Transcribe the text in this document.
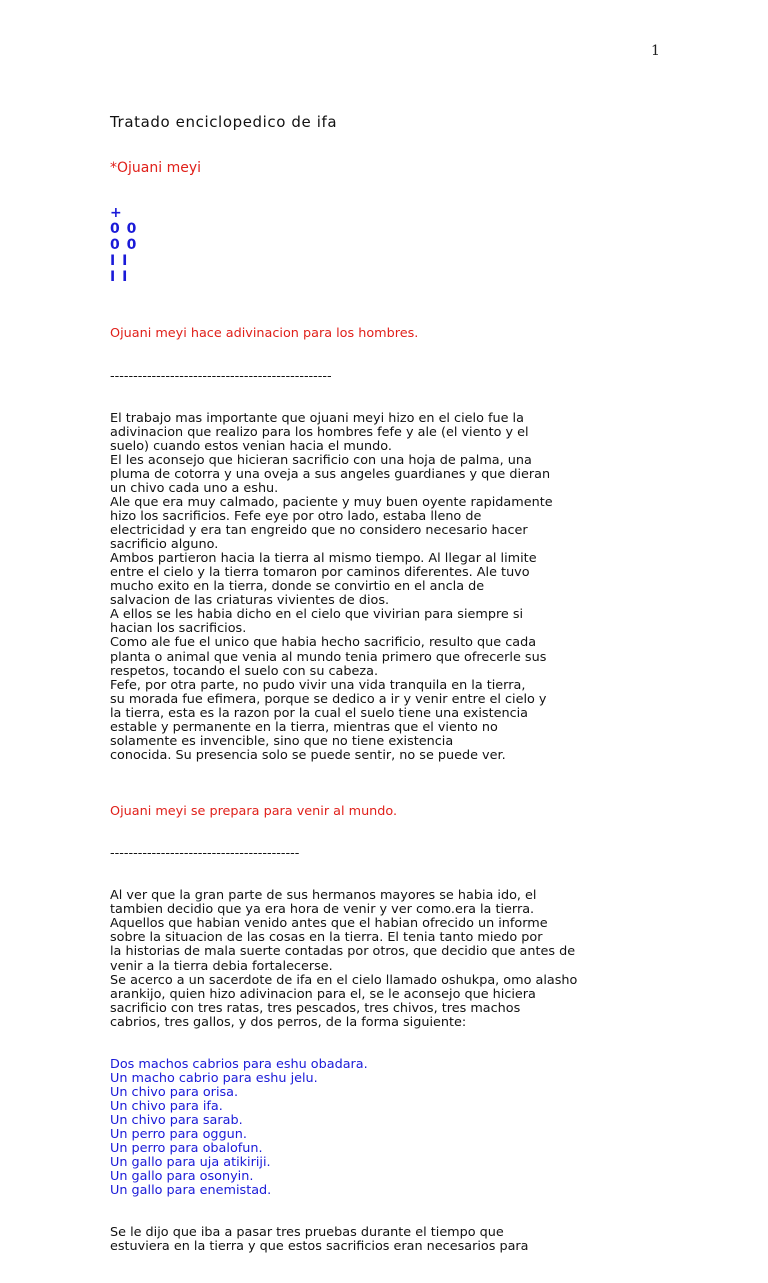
1

Tratado enciclopedico de ifa

*Ojuani meyi

+
0 0
0 0
I I
I I

Ojuani meyi hace adivinacion para los hombres.

------------------------------------------------

El trabajo mas importante que ojuani meyi hizo en el cielo fue la
adivinacion que realizo para los hombres fefe y ale (el viento y el
suelo) cuando estos venian hacia el mundo.
El les aconsejo que hicieran sacrificio con una hoja de palma, una
pluma de cotorra y una oveja a sus angeles guardianes y que dieran
un chivo cada uno a eshu.
Ale que era muy calmado, paciente y muy buen oyente rapidamente
hizo los sacrificios. Fefe eye por otro lado, estaba lleno de
electricidad y era tan engreido que no considero necesario hacer
sacrificio alguno.
Ambos partieron hacia la tierra al mismo tiempo. Al llegar al limite
entre el cielo y la tierra tomaron por caminos diferentes. Ale tuvo
mucho exito en la tierra, donde se convirtio en el ancla de
salvacion de las criaturas vivientes de dios.
A ellos se les habia dicho en el cielo que vivirian para siempre si
hacian los sacrificios.
Como ale fue el unico que habia hecho sacrificio, resulto que cada
planta o animal que venia al mundo tenia primero que ofrecerle sus
respetos, tocando el suelo con su cabeza.
Fefe, por otra parte, no pudo vivir una vida tranquila en la tierra,
su morada fue efimera, porque se dedico a ir y venir entre el cielo y
la tierra, esta es la razon por la cual el suelo tiene una existencia
estable y permanente en la tierra, mientras que el viento no
solamente es invencible, sino que no tiene existencia
conocida. Su presencia solo se puede sentir, no se puede ver.

Ojuani meyi se prepara para venir al mundo.

-----------------------------------------

Al ver que la gran parte de sus hermanos mayores se habia ido, el
tambien decidio que ya era hora de venir y ver como.era la tierra.
Aquellos que habian venido antes que el habian ofrecido un informe
sobre la situacion de las cosas en la tierra. El tenia tanto miedo por
la historias de mala suerte contadas por otros, que decidio que antes de
venir a la tierra debia fortalecerse.
Se acerco a un sacerdote de ifa en el cielo llamado oshukpa, omo alasho
arankijo, quien hizo adivinacion para el, se le aconsejo que hiciera
sacrificio con tres ratas, tres pescados, tres chivos, tres machos
cabrios, tres gallos, y dos perros, de la forma siguiente:

Dos machos cabrios para eshu obadara.
Un macho cabrio para eshu jelu.
Un chivo para orisa.
Un chivo para ifa.
Un chivo para sarab.
Un perro para oggun.
Un perro para obalofun.
Un gallo para uja atikiriji.
Un gallo para osonyin.
Un gallo para enemistad.

Se le dijo que iba a pasar tres pruebas durante el tiempo que
estuviera en la tierra y que estos sacrificios eran necesarios para
